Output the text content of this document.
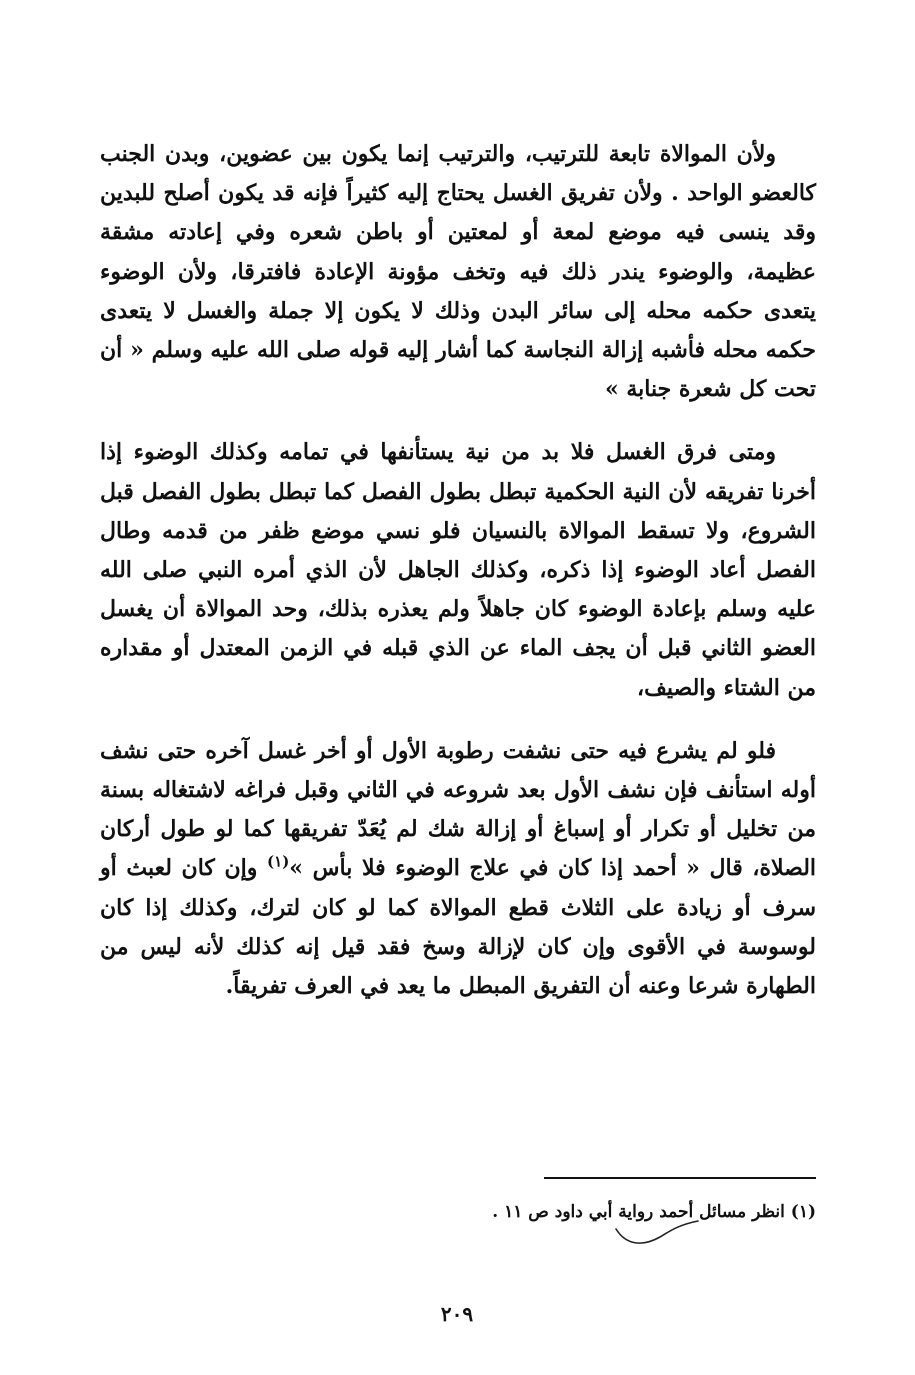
ولأن الموالاة تابعة للترتيب، والترتيب إنما يكون بين عضوين، وبدن الجنب كالعضو الواحد . ولأن تفريق الغسل يحتاج إليه كثيراً فإنه قد يكون أصلح للبدين وقد ينسى فيه موضع لمعة أو لمعتين أو باطن شعره وفي إعادته مشقة عظيمة، والوضوء يندر ذلك فيه وتخف مؤونة الإعادة فافترقا، ولأن الوضوء يتعدى حكمه محله إلى سائر البدن وذلك لا يكون إلا جملة والغسل لا يتعدى حكمه محله فأشبه إزالة النجاسة كما أشار إليه قوله صلى الله عليه وسلم « أن تحت كل شعرة جنابة »

ومتى فرق الغسل فلا بد من نية يستأنفها في تمامه وكذلك الوضوء إذا أخرنا تفريقه لأن النية الحكمية تبطل بطول الفصل كما تبطل بطول الفصل قبل الشروع، ولا تسقط الموالاة بالنسيان فلو نسي موضع ظفر من قدمه وطال الفصل أعاد الوضوء إذا ذكره، وكذلك الجاهل لأن الذي أمره النبي صلى الله عليه وسلم بإعادة الوضوء كان جاهلاً ولم يعذره بذلك، وحد الموالاة أن يغسل العضو الثاني قبل أن يجف الماء عن الذي قبله في الزمن المعتدل أو مقداره من الشتاء والصيف،

فلو لم يشرع فيه حتى نشفت رطوبة الأول أو أخر غسل آخره حتى نشف أوله استأنف فإن نشف الأول بعد شروعه في الثاني وقبل فراغه لاشتغاله بسنة من تخليل أو تكرار أو إسباغ أو إزالة شك لم يُعَدّ تفريقها كما لو طول أركان الصلاة، قال « أحمد إذا كان في علاج الوضوء فلا بأس »$^{(١)}$ وإن كان لعبث أو سرف أو زيادة على الثلاث قطع الموالاة كما لو كان لترك، وكذلك إذا كان لوسوسة في الأقوى وإن كان لإزالة وسخ فقد قيل إنه كذلك لأنه ليس من الطهارة شرعا وعنه أن التفريق المبطل ما يعد في العرف تفريقاً.

(١) انظر مسائل أحمد رواية أبي داود ص ١١ .
٢٠٩
